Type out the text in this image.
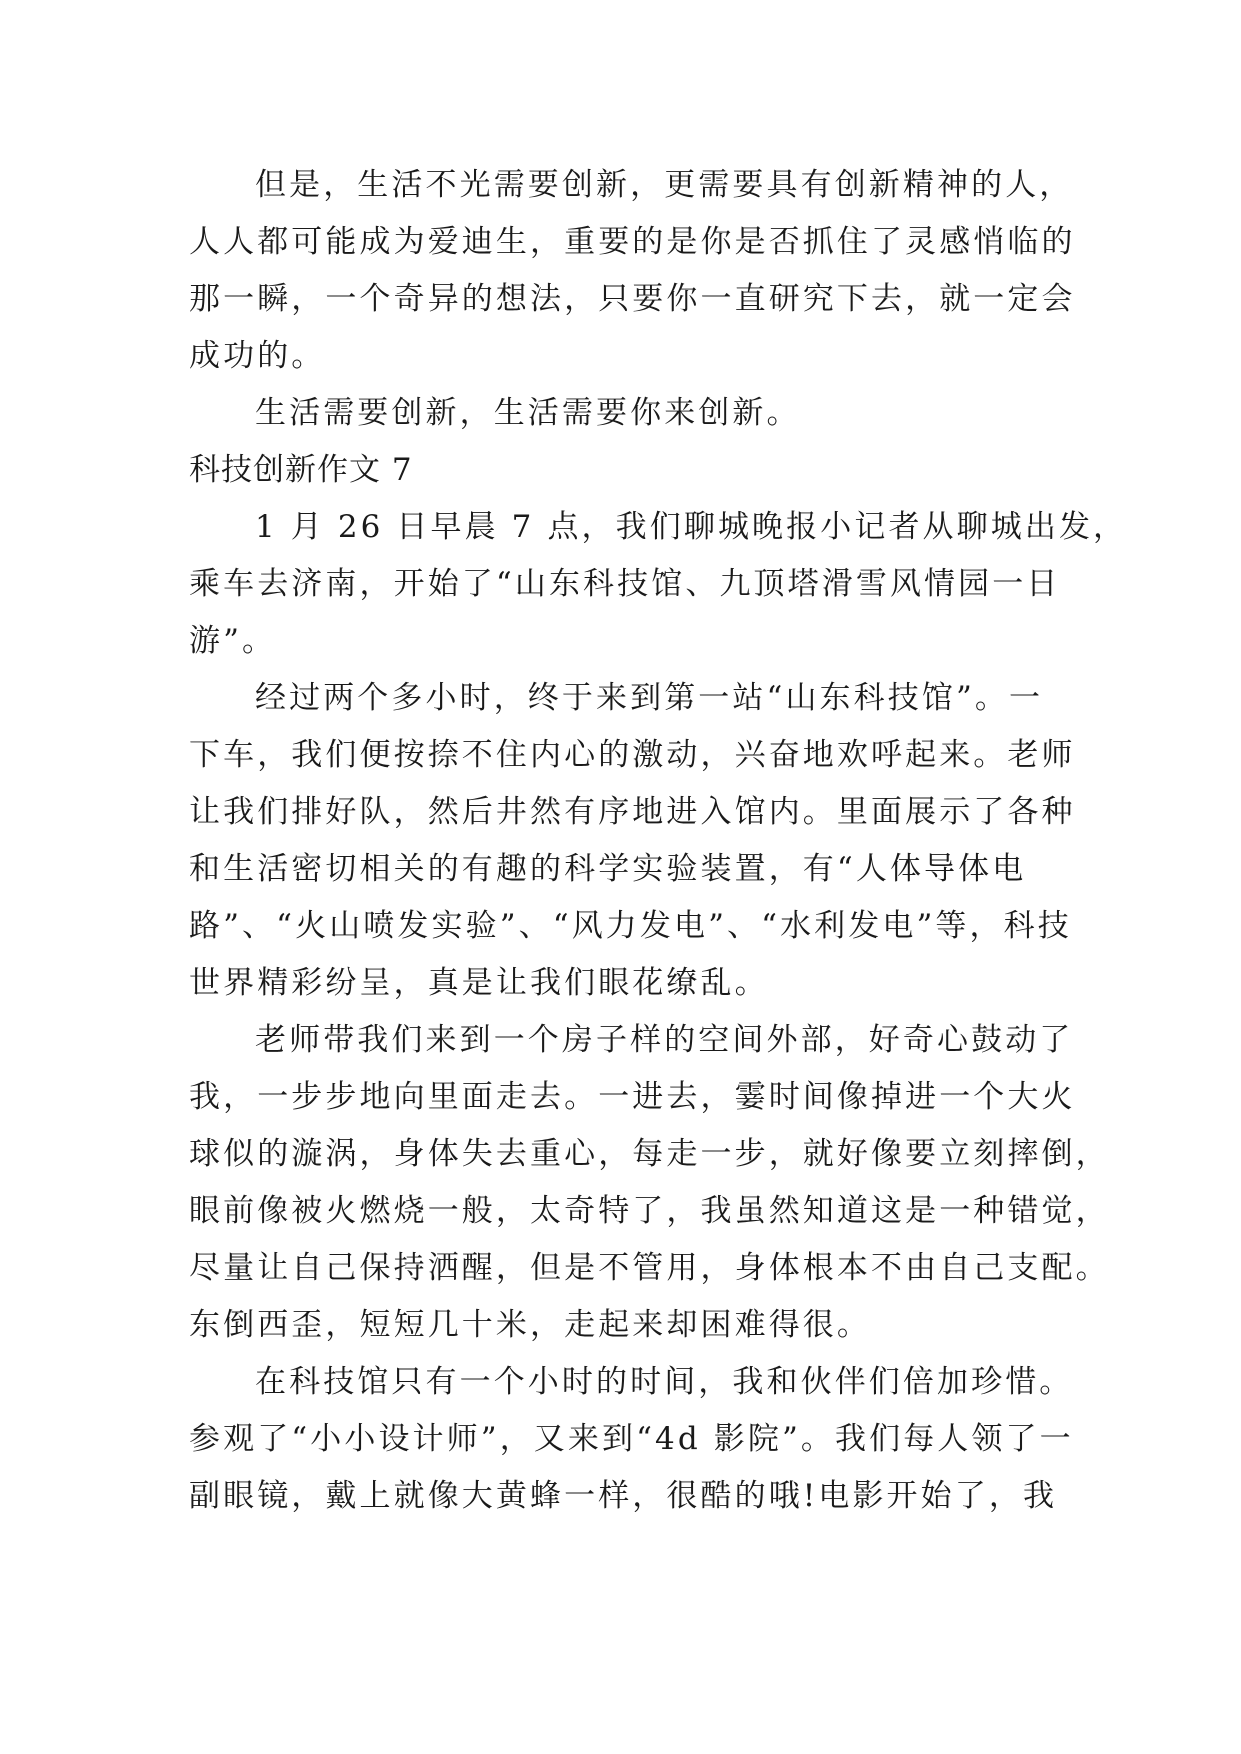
但是，生活不光需要创新，更需要具有创新精神的人，
人人都可能成为爱迪生，重要的是你是否抓住了灵感悄临的
那一瞬，一个奇异的想法，只要你一直研究下去，就一定会
成功的。
生活需要创新，生活需要你来创新。
科技创新作文 7
1 月 26 日早晨 7 点，我们聊城晚报小记者从聊城出发，
乘车去济南，开始了“山东科技馆、九顶塔滑雪风情园一日
游”。
经过两个多小时，终于来到第一站“山东科技馆”。一
下车，我们便按捺不住内心的激动，兴奋地欢呼起来。老师
让我们排好队，然后井然有序地进入馆内。里面展示了各种
和生活密切相关的有趣的科学实验装置，有“人体导体电
路”、“火山喷发实验”、“风力发电”、“水利发电”等，科技
世界精彩纷呈，真是让我们眼花缭乱。
老师带我们来到一个房子样的空间外部，好奇心鼓动了
我，一步步地向里面走去。一进去，霎时间像掉进一个大火
球似的漩涡，身体失去重心，每走一步，就好像要立刻摔倒，
眼前像被火燃烧一般，太奇特了，我虽然知道这是一种错觉，
尽量让自己保持洒醒，但是不管用，身体根本不由自己支配。
东倒西歪，短短几十米，走起来却困难得很。
在科技馆只有一个小时的时间，我和伙伴们倍加珍惜。
参观了“小小设计师”，又来到“4d 影院”。我们每人领了一
副眼镜，戴上就像大黄蜂一样，很酷的哦!电影开始了，我
